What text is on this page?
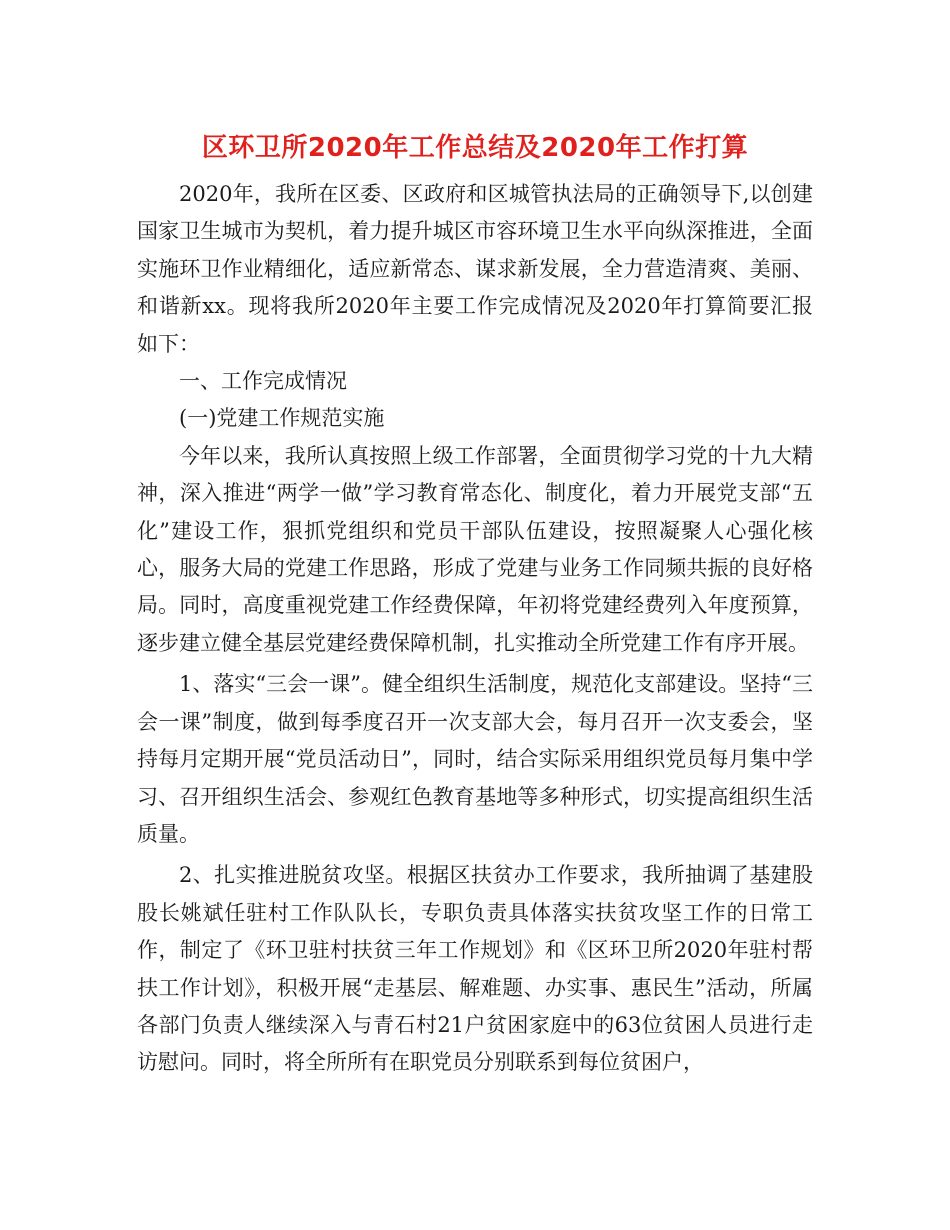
区环卫所2020年工作总结及2020年工作打算

2020年，我所在区委、区政府和区城管执法局的正确领导下,以创建国家卫生城市为契机，着力提升城区市容环境卫生水平向纵深推进，全面实施环卫作业精细化，适应新常态、谋求新发展，全力营造清爽、美丽、和谐新xx。现将我所2020年主要工作完成情况及2020年打算简要汇报如下：

一、工作完成情况

(一)党建工作规范实施

今年以来，我所认真按照上级工作部署，全面贯彻学习党的十九大精神，深入推进“两学一做”学习教育常态化、制度化，着力开展党支部“五化”建设工作，狠抓党组织和党员干部队伍建设，按照凝聚人心强化核心，服务大局的党建工作思路，形成了党建与业务工作同频共振的良好格局。同时，高度重视党建工作经费保障，年初将党建经费列入年度预算，逐步建立健全基层党建经费保障机制，扎实推动全所党建工作有序开展。

1、落实“三会一课”。健全组织生活制度，规范化支部建设。坚持“三会一课”制度，做到每季度召开一次支部大会，每月召开一次支委会，坚持每月定期开展“党员活动日”，同时，结合实际采用组织党员每月集中学习、召开组织生活会、参观红色教育基地等多种形式，切实提高组织生活质量。

2、扎实推进脱贫攻坚。根据区扶贫办工作要求，我所抽调了基建股股长姚斌任驻村工作队队长，专职负责具体落实扶贫攻坚工作的日常工作，制定了《环卫驻村扶贫三年工作规划》和《区环卫所2020年驻村帮扶工作计划》，积极开展“走基层、解难题、办实事、惠民生”活动，所属各部门负责人继续深入与青石村21户贫困家庭中的63位贫困人员进行走访慰问。同时，将全所所有在职党员分别联系到每位贫困户，
